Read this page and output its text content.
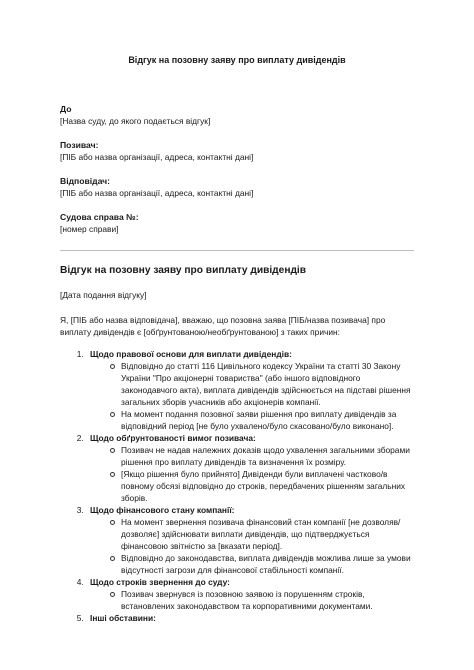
Відгук на позовну заяву про виплату дивідендів
До
[Назва суду, до якого подається відгук]
Позивач:
[ПІБ або назва організації, адреса, контактні дані]
Відповідач:
[ПІБ або назва організації, адреса, контактні дані]
Судова справа №:
[номер справи]
Відгук на позовну заяву про виплату дивідендів
[Дата подання відгуку]
Я, [ПІБ або назва відповідача], вважаю, що позовна заява [ПІБ/назва позивача] про виплату дивідендів є [обґрунтованою/необґрунтованою] з таких причин:
1. Щодо правової основи для виплати дивідендів:
Відповідно до статті 116 Цивільного кодексу України та статті 30 Закону України "Про акціонерні товариства" (або іншого відповідного законодавчого акта), виплата дивідендів здійснюється на підставі рішення загальних зборів учасників або акціонерів компанії.
На момент подання позовної заяви рішення про виплату дивідендів за відповідний період [не було ухвалено/було скасовано/було виконано].
2. Щодо обґрунтованості вимог позивача:
Позивач не надав належних доказів щодо ухвалення загальними зборами рішення про виплату дивідендів та визначення їх розміру.
[Якщо рішення було прийнято] Дивіденди були виплачені частково/в повному обсязі відповідно до строків, передбачених рішенням загальних зборів.
3. Щодо фінансового стану компанії:
На момент звернення позивача фінансовий стан компанії [не дозволяв/дозволяє] здійснювати виплати дивідендів, що підтверджується фінансовою звітністю за [вказати період].
Відповідно до законодавства, виплата дивідендів можлива лише за умови відсутності загрози для фінансової стабільності компанії.
4. Щодо строків звернення до суду:
Позивач звернувся із позовною заявою із порушенням строків, встановлених законодавством та корпоративними документами.
5. Інші обставини:
